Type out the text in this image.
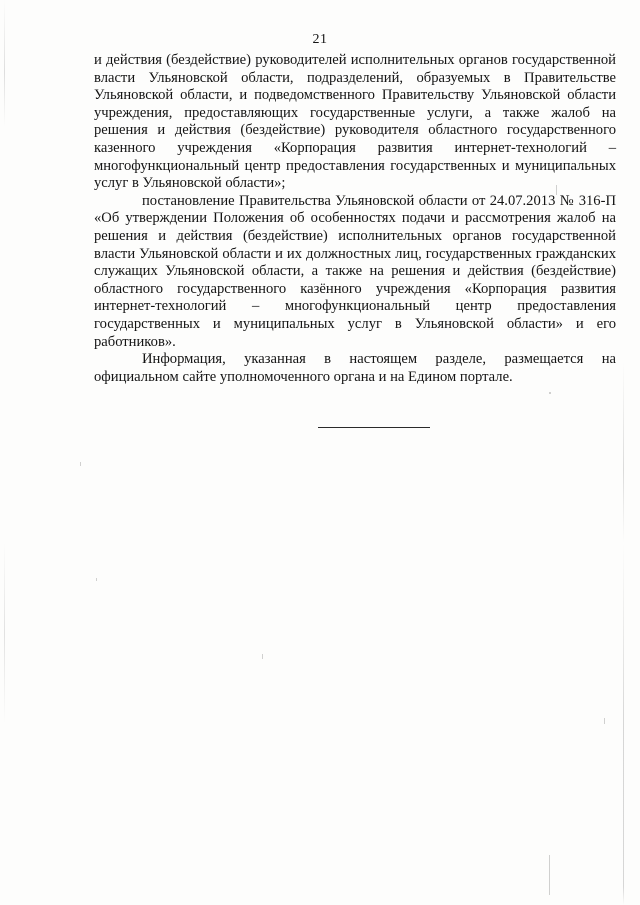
21

и действия (бездействие) руководителей исполнительных органов государственной власти Ульяновской области, подразделений, образуемых в Правительстве Ульяновской области, и подведомственного Правительству Ульяновской области учреждения, предоставляющих государственные услуги, а также жалоб на решения и действия (бездействие) руководителя областного государственного казенного учреждения «Корпорация развития интернет-технологий – многофункциональный центр предоставления государственных и муниципальных услуг в Ульяновской области»;

постановление Правительства Ульяновской области от 24.07.2013 № 316-П «Об утверждении Положения об особенностях подачи и рассмотрения жалоб на решения и действия (бездействие) исполнительных органов государственной власти Ульяновской области и их должностных лиц, государственных гражданских служащих Ульяновской области, а также на решения и действия (бездействие) областного государственного казённого учреждения «Корпорация развития интернет-технологий – многофункциональный центр предоставления государственных и муниципальных услуг в Ульяновской области» и его работников».

Информация, указанная в настоящем разделе, размещается на официальном сайте уполномоченного органа и на Едином портале.
